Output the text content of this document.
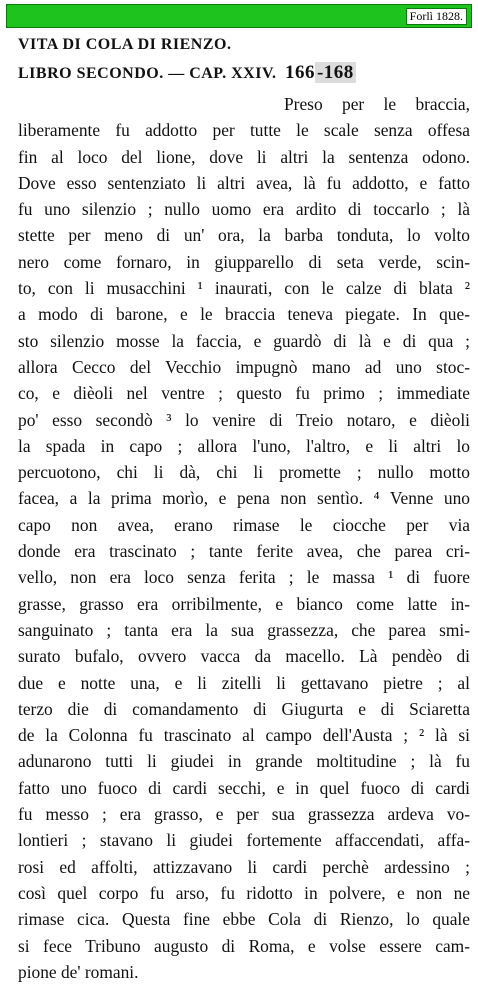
Forlì 1828.
VITA DI COLA DI RIENZO.
LIBRO SECONDO. — CAP. XXIV. 166 -168
Preso per le braccia,
liberamente fu addotto per tutte le scale senza offesa
fin al loco del lione, dove li altri la sentenza odono.
Dove esso sentenziato li altri avea, là fu addotto, e fatto
fu uno silenzio ; nullo uomo era ardito di toccarlo ; là
stette per meno di un' ora, la barba tonduta, lo volto
nero come fornaro, in giupparello di seta verde, scin-
to, con li musacchini ¹ inaurati, con le calze di blata ²
a modo di barone, e le braccia teneva piegate. In que-
sto silenzio mosse la faccia, e guardò di là e di qua ;
allora Cecco del Vecchio impugnò mano ad uno stoc-
co, e dièoli nel ventre ; questo fu primo ; immediate
po' esso secondò ³ lo venire di Treio notaro, e dièoli
la spada in capo ; allora l'uno, l'altro, e li altri lo
percuotono, chi li dà, chi li promette ; nullo motto
facea, a la prima morìo, e pena non sentìo. ⁴ Venne uno
capo non avea, erano rimase le ciocche per via
donde era trascinato ; tante ferite avea, che parea cri-
vello, non era loco senza ferita ; le massa ¹ di fuore
grasse, grasso era orribilmente, e bianco come latte in-
sanguinato ; tanta era la sua grassezza, che parea smi-
surato bufalo, ovvero vacca da macello. Là pendèo di
due e notte una, e li zitelli li gettavano pietre ; al
terzo die di comandamento di Giugurta e di Sciaretta
de la Colonna fu trascinato al campo dell'Austa ; ² là si
adunarono tutti li giudei in grande moltitudine ; là fu
fatto uno fuoco di cardi secchi, e in quel fuoco di cardi
fu messo ; era grasso, e per sua grassezza ardeva vo-
lontieri ; stavano li giudei fortemente affaccendati, affa-
rosi ed affolti, attizzavano li cardi perchè ardessino ;
così quel corpo fu arso, fu ridotto in polvere, e non ne
rimase cica. Questa fine ebbe Cola di Rienzo, lo quale
si fece Tribuno augusto di Roma, e volse essere cam-
pione de' romani.
